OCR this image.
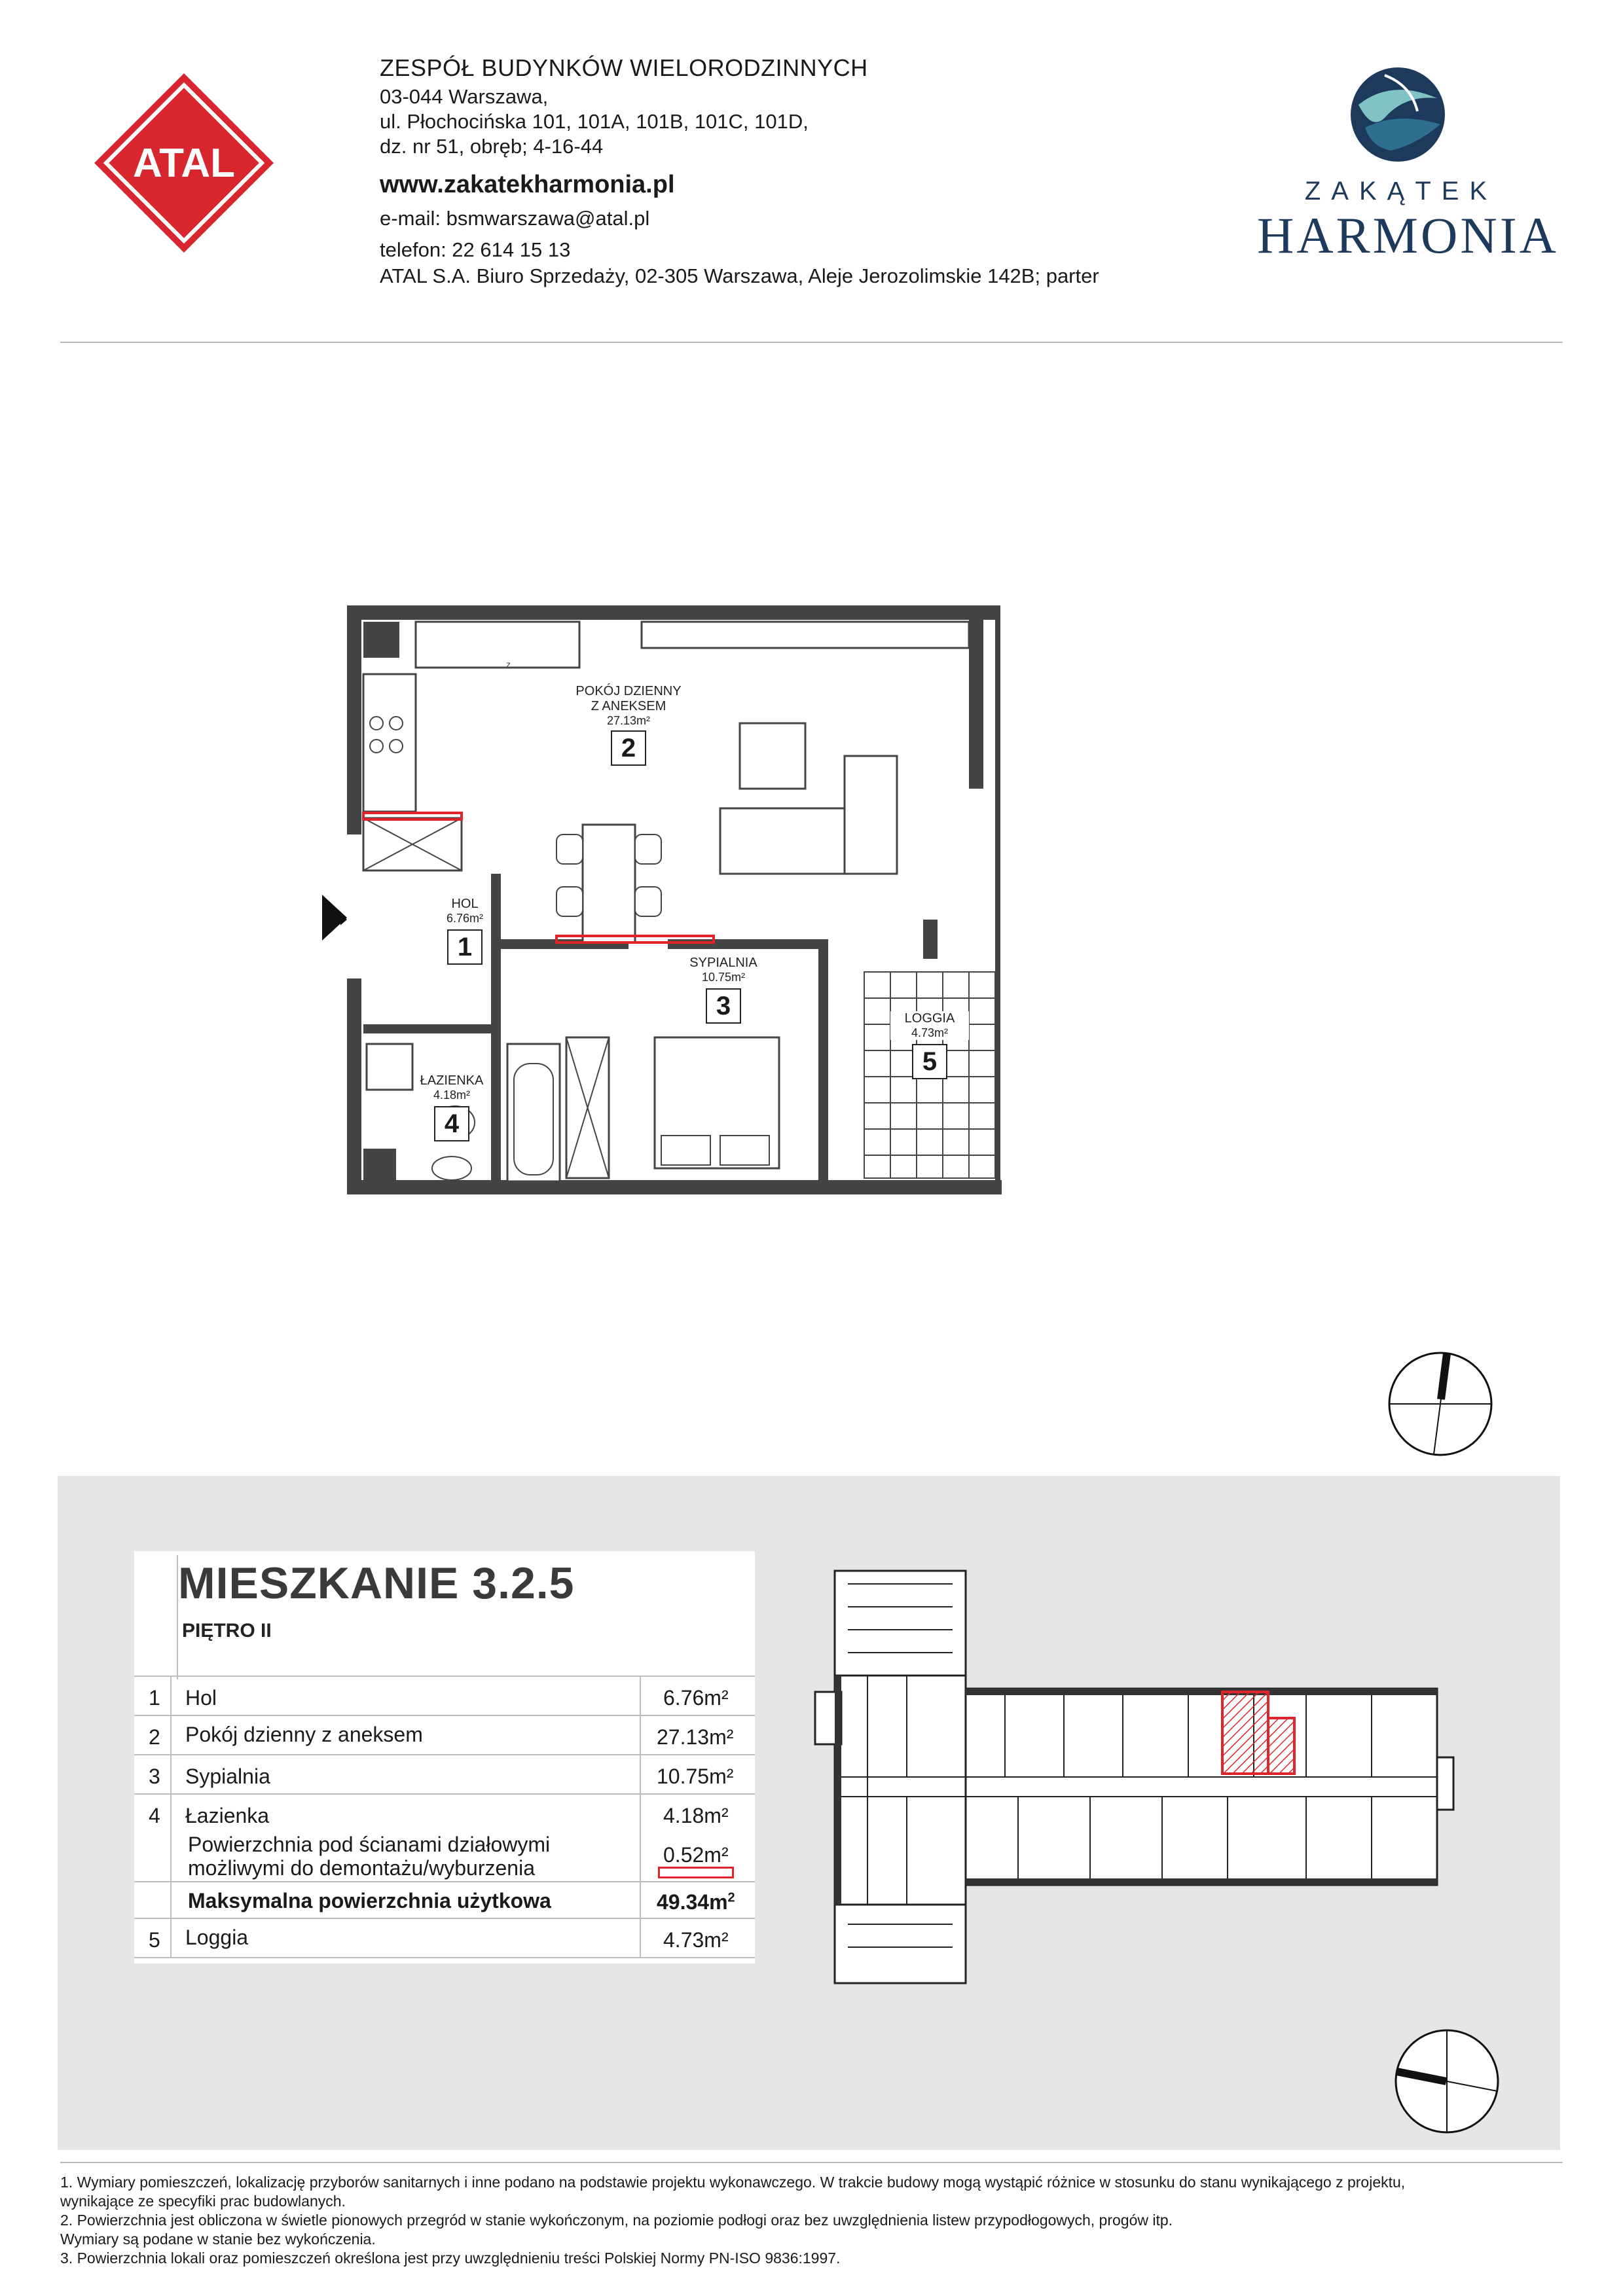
ATAL
ZESPÓŁ BUDYNKÓW WIELORODZINNYCH
03-044 Warszawa,
ul. Płochocińska 101, 101A, 101B, 101C, 101D,
dz. nr 51, obręb; 4-16-44
www.zakatekharmonia.pl
e-mail: bsmwarszawa@atal.pl
telefon: 22 614 15 13
ATAL S.A. Biuro Sprzedaży, 02-305 Warszawa, Aleje Jerozolimskie 142B; parter
ZAKĄTEK
HARMONIA
z
POKÓJ DZIENNY
Z ANEKSEM
27.13m²
2
HOL
6.76m²
1
SYPIALNIA
10.75m²
3
ŁAZIENKA
4.18m²
4
LOGGIA
4.73m²
5
MIESZKANIE 3.2.5
PIĘTRO II
1 Hol	6.76m²
2 Pokój dzienny z aneksem	27.13m²
3 Sypialnia	10.75m²
4 Łazienka	4.18m²
Powierzchnia pod ścianami działowymi
możliwymi do demontażu/wyburzenia
0.52m²
Maksymalna powierzchnia użytkowa	$49.34m^2$
5 Loggia	4.73m²
1. Wymiary pomieszczeń, lokalizację przyborów sanitarnych i inne podano na podstawie projektu wykonawczego. W trakcie budowy mogą wystąpić różnice w stosunku do stanu wynikającego z projektu,
wynikające ze specyfiki prac budowlanych.
2. Powierzchnia jest obliczona w świetle pionowych przegród w stanie wykończonym, na poziomie podłogi oraz bez uwzględnienia listew przypodłogowych, progów itp.
Wymiary są podane w stanie bez wykończenia.
3. Powierzchnia lokali oraz pomieszczeń określona jest przy uwzględnieniu treści Polskiej Normy PN-ISO 9836:1997.
